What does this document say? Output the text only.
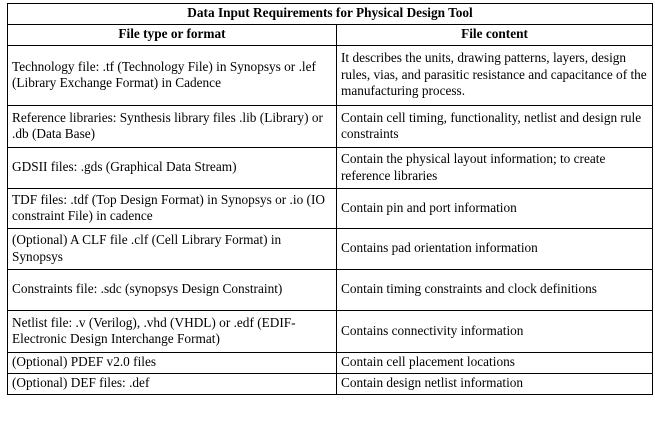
Data Input Requirements for Physical Design Tool	
File type or format	File content
Technology file: .tf (Technology File) in Synopsys or .lef (Library Exchange Format) in Cadence	It describes the units, drawing patterns, layers, design rules, vias, and parasitic resistance and capacitance of the manufacturing process.
Reference libraries: Synthesis library files .lib (Library) or .db (Data Base)	Contain cell timing, functionality, netlist and design rule constraints
GDSII files: .gds (Graphical Data Stream)	Contain the physical layout information; to create reference libraries
TDF files: .tdf (Top Design Format) in Synopsys or .io (IO constraint File) in cadence	Contain pin and port information
(Optional) A CLF file .clf (Cell Library Format) in Synopsys	Contains pad orientation information
Constraints file: .sdc (synopsys Design Constraint)	Contain timing constraints and clock definitions
Netlist file: .v (Verilog), .vhd (VHDL) or .edf (EDIF-Electronic Design Interchange Format)	Contains connectivity information
(Optional) PDEF v2.0 files	Contain cell placement locations
(Optional) DEF files: .def	Contain design netlist information
